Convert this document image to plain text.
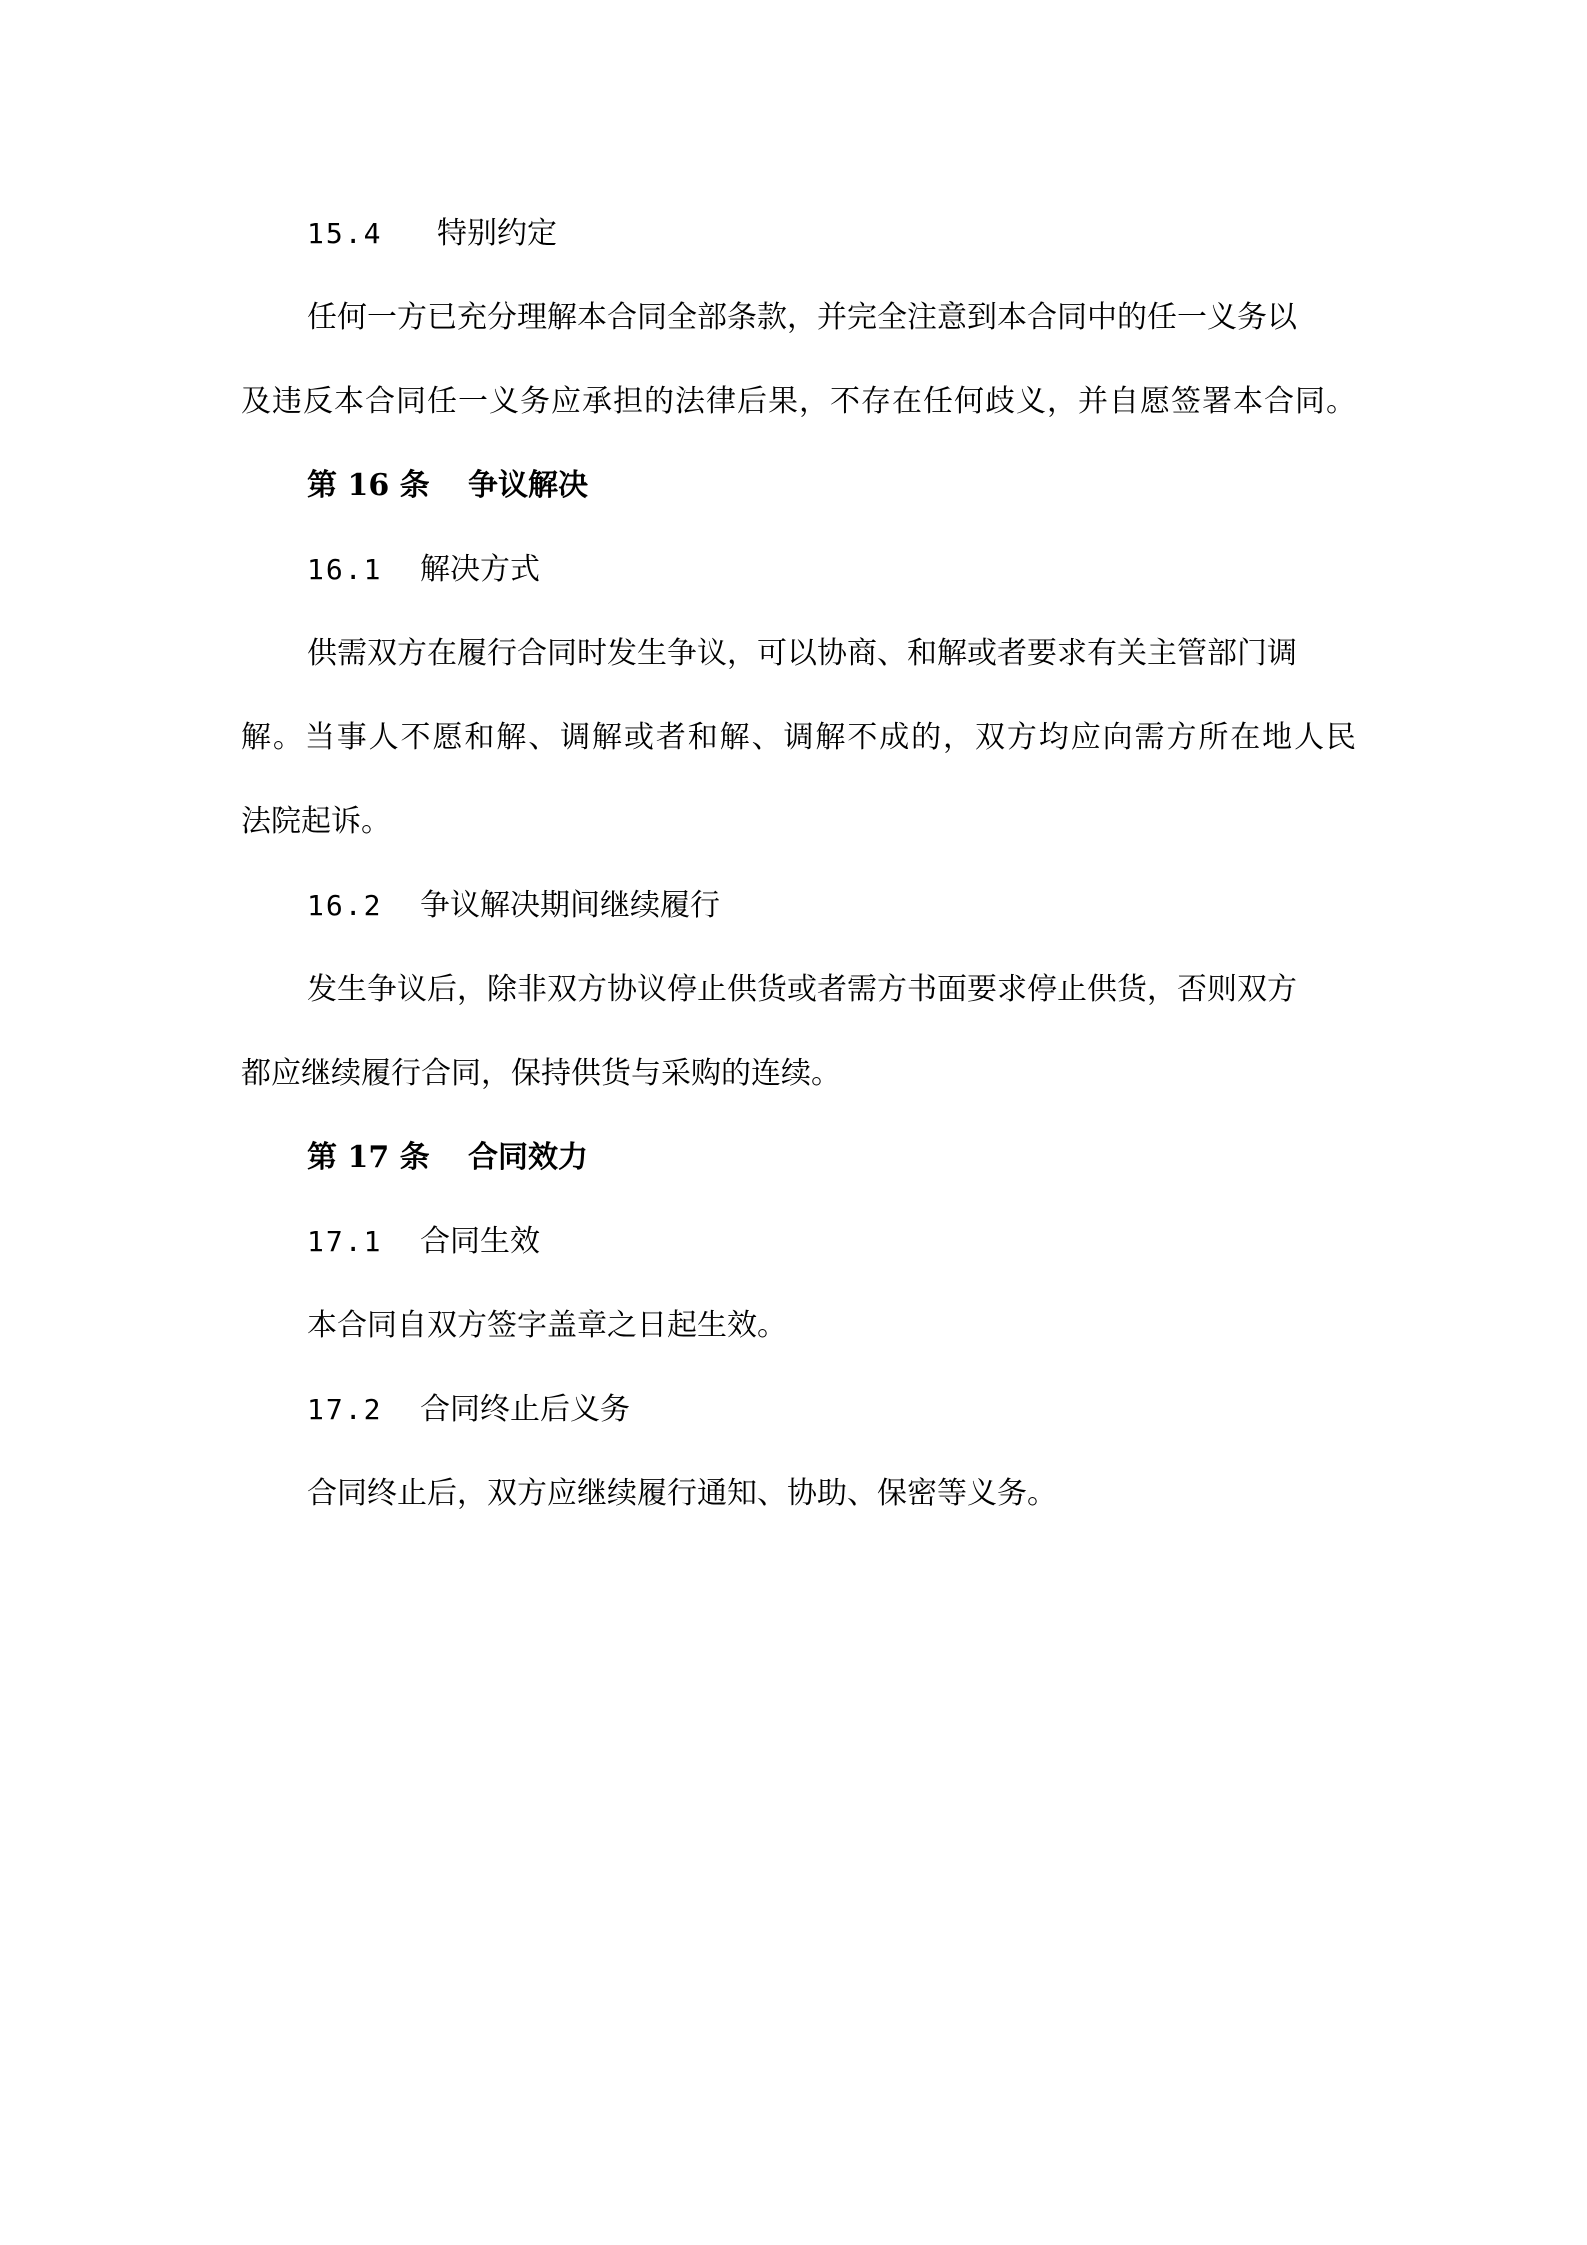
15.4 特别约定
任何一方已充分理解本合同全部条款，并完全注意到本合同中的任一义务以
及违反本合同任一义务应承担的法律后果，不存在任何歧义，并自愿签署本合同。
第 16 条 争议解决
16.1 解决方式
供需双方在履行合同时发生争议，可以协商、和解或者要求有关主管部门调
解。当事人不愿和解、调解或者和解、调解不成的，双方均应向需方所在地人民
法院起诉。
16.2 争议解决期间继续履行
发生争议后，除非双方协议停止供货或者需方书面要求停止供货，否则双方
都应继续履行合同，保持供货与采购的连续。
第 17 条 合同效力
17.1 合同生效
本合同自双方签字盖章之日起生效。
17.2 合同终止后义务
合同终止后，双方应继续履行通知、协助、保密等义务。
